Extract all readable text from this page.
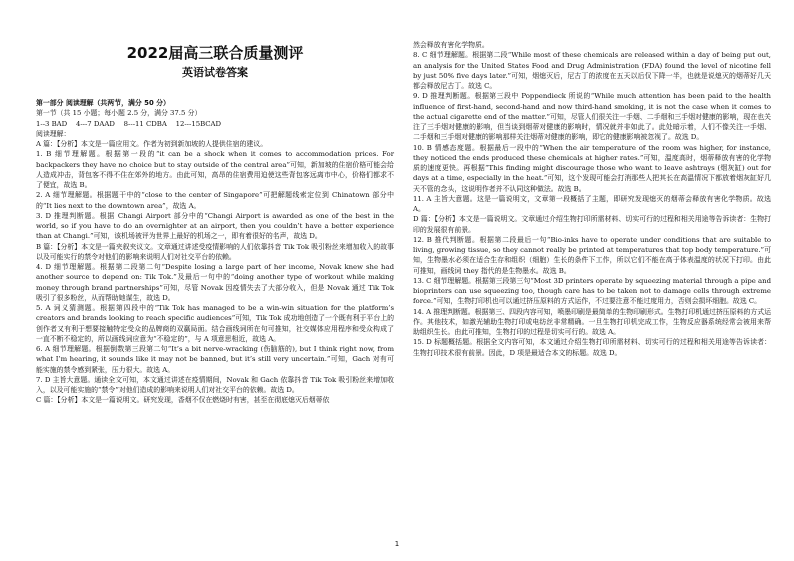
2022届高三联合质量测评

英语试卷答案

第一部分 阅读理解（共两节，满分 50 分）

第一节（共 15 小题；每小题 2.5 分，满分 37.5 分）

1--3 BAD    4---7 DAAD    8---11 CDBA    12---15BCAD

阅读理解：

A 篇：【分析】本文是一篇应用文。作者为初到新加坡的人提供住宿的建议。

1. B 细节理解题。根据第一段的“it can be a shock when it comes to accommodation prices. For backpackers they have no choice but to stay outside of the central area”可知，新加坡的住宿价格可能会给人造成冲击，背包客不得不住在郊外的地方。由此可知，高昂的住宿费用迫使这些背包客远离市中心，价格们都求不了便宜，故选 B。

2. A 细节理解题。根据题干中的“close to the center of Singapore”可把解题线索定位到 Chinatown 部分中的“It lies next to the downtown area”，故选 A。

3. D 推理判断题。根据 Changi Airport 部分中的“Changi Airport is awarded as one of the best in the world, so if you have to do an overnighter at an airport, then you couldn’t have a better experience than at Changi.”可知，该机场被评为世界上最好的机场之一，即有着很好的名声，故选 D。

B 篇：【分析】本文是一篇夹叙夹议文。文章通过讲述受疫情影响的人们依靠抖音 Tik Tok 吸引粉丝来增加收入的故事以及可能实行的禁令对他们的影响来说明人们对社交平台的依赖。

4. D 细节理解题。根据第二段第二句“Despite losing a large part of her income, Novak knew she had another source to depend on: Tik Tok.”及最后一句中的“doing another type of workout while making money through brand partnerships”可知，尽管 Novak 因疫情失去了大部分收入，但是 Novak 通过 Tik Tok 吸引了很多粉丝，从而帮助她谋生，故选 D。

5. A 词义猜测题。根据第四段中的“Tik Tok has managed to be a win-win situation for the platform’s creators and brands looking to reach specific audiences”可知，Tik Tok 成功地创造了一个既有利于平台上的创作者又有利于想要接触特定受众的品牌商的双赢局面。结合画线词所在句可推知，社交媒体应用程序和受众构成了一直不断不稳定的，所以画线词应意为“不稳定的”，与 A 项意思相近，故选 A。

6. A 细节理解题。根据倒数第三段第二句“It’s a bit nerve-wracking (伤脑筋的), but I think right now, from what I’m hearing, it sounds like it may not be banned, but it’s still very uncertain.”可知，Gach 对有可能实施的禁令感到紧张，压力很大。故选 A。

7. D 主旨大意题。通读全文可知，本文通过讲述在疫情期间，Novak 和 Gach 依靠抖音 Tik Tok 吸引粉丝来增加收入，以及可能实施的“禁令”对他们造成的影响来说明人们对社交平台的依赖。故选 D。

C 篇：【分析】本文是一篇说明文。研究发现，香烟不仅在燃烧时有害，甚至在彻底熄灭后烟蒂依

然会释放有害化学物质。

8. C 细节理解题。根据第二段“While most of these chemicals are released within a day of being put out, an analysis for the United States Food and Drug Administration (FDA) found the level of nicotine fell by just 50% five days later.”可知，烟熄灭后，尼古丁的浓度在五天以后仅下降一半，也就是说熄灭的烟蒂好几天都会释放尼古丁。故选 C。

9. D 推理判断题。根据第三段中 Poppendieck 所说的“While much attention has been paid to the health influence of first-hand, second-hand and now third-hand smoking, it is not the case when it comes to the actual cigarette end of the matter.”可知，尽管人们很关注一手烟、二手烟和三手烟对健康的影响，现在也关注了三手烟对健康的影响，但当谈到烟蒂对健康的影响时，情况就并非如此了。此处暗示着，人们不像关注一手烟、二手烟和三手烟对健康的影响那样关注烟蒂对健康的影响，即它的健康影响被忽视了。故选 D。

10. B 情感态度题。根据最后一段中的“When the air temperature of the room was higher, for instance, they noticed the ends produced these chemicals at higher rates.”可知，温度高时，烟蒂释放有害的化学物质的速度更快。再根据“This finding might discourage those who want to leave ashtrays (烟灰缸) out for days at a time, especially in the heat.”可知，这个发现可能会打消那些人把其长在高温情况下都放着烟灰缸好几天不管的念头，这说明作者并不认同这种做法。故选 B。

11. A 主旨大意题。这是一篇说明文，文章第一段概括了主题，即研究发现熄灭的烟蒂会释放有害化学物质。故选 A。

D 篇：【分析】本文是一篇说明文。文章通过介绍生物打印所需材料、切实可行的过程和相关用途等告诉读者：生物打印的发展很有前景。

12. B 推代判断题。根据第二段最后一句“Bio-inks have to operate under conditions that are suitable to living, growing tissue, so they cannot really be printed at temperatures that top body temperature.”可知，生物墨水必须在适合生存和组织（细胞）生长的条件下工作，所以它们不能在高于体表温度的状况下打印。由此可推知，画线词 they 指代的是生物墨水。故选 B。

13. C 细节理解题。根据第三段第三句“Most 3D printers operate by squeezing material through a pipe and bioprinters can use squeezing too, though care has to be taken not to damage cells through extreme force.”可知，生物打印机也可以通过挤压原料的方式运作，不过要注意不能过度用力，否则会损坏细胞。故选 C。

14. A 推理判断题。根据第三、四段内容可知，喷墨印刷是最简单的生物印刷形式。生物打印机通过挤压原料的方式运作。其他技术，如激光辅助生物打印或电纺丝非常精确。一旦生物打印机完成工作，生物反应器系统经常会被用来帮助组织生长。由此可推知，生物打印的过程是切实可行的。故选 A。

15. D 标题概括题。根据全文内容可知，本文通过介绍生物打印所需材料、切实可行的过程和相关用途等告诉读者：生物打印技术很有前景。因此，D 项是最适合本文的标题。故选 D。

1
